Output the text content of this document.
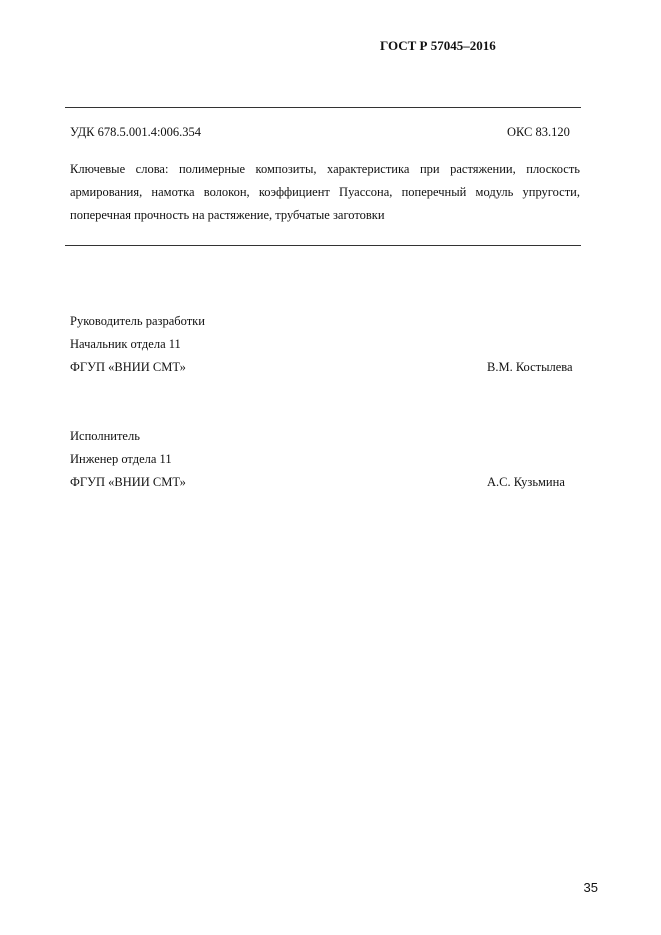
ГОСТ Р 57045–2016
УДК 678.5.001.4:006.354	ОКС 83.120
Ключевые слова: полимерные композиты, характеристика при растяжении, плоскость
армирования, намотка волокон, коэффициент Пуассона, поперечный модуль упругости,
поперечная прочность на растяжение, трубчатые заготовки
Руководитель разработки
Начальник отдела 11
ФГУП «ВНИИ СМТ»	В.М. Костылева
Исполнитель
Инженер отдела 11
ФГУП «ВНИИ СМТ»	А.С. Кузьмина
35
